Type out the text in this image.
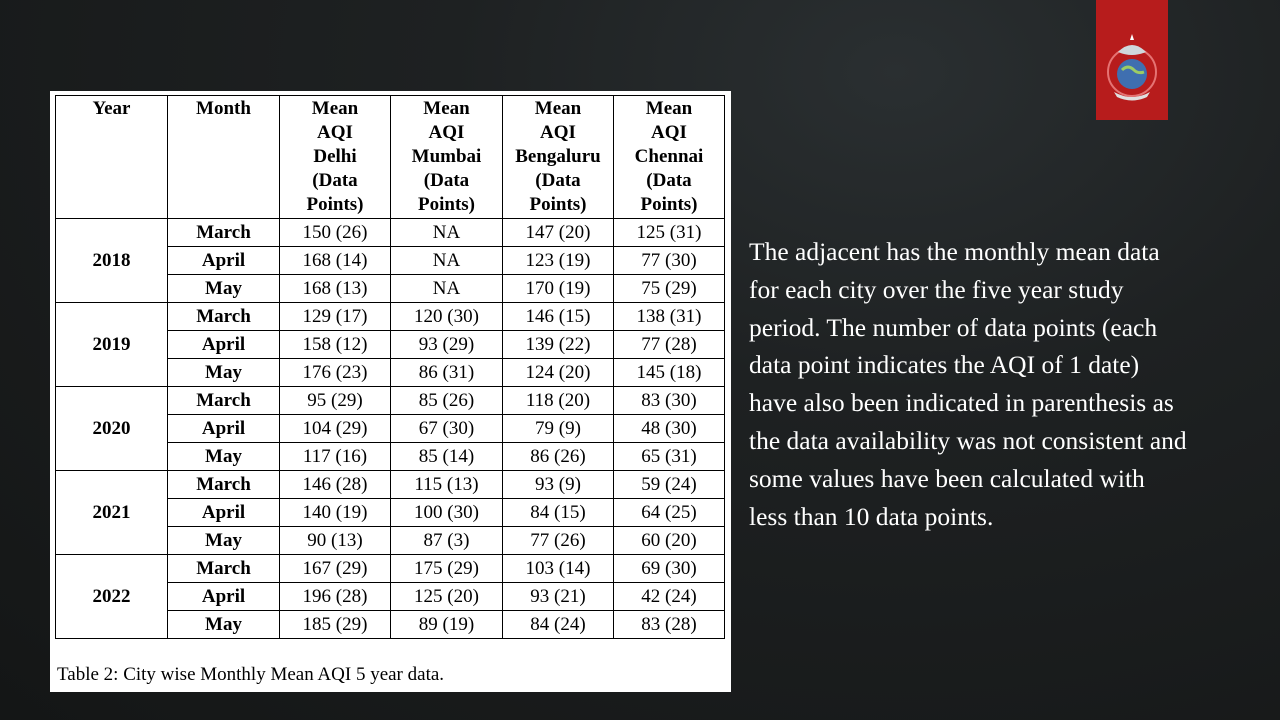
Year	Month	Mean
AQI
Delhi
(Data
Points)	Mean
AQI
Mumbai
(Data
Points)	Mean
AQI
Bengaluru
(Data
Points)	Mean
AQI
Chennai
(Data
Points)

2018	March	150 (26)	NA	147 (20)	125 (31)
	April	168 (14)	NA	123 (19)	77 (30)
	May	168 (13)	NA	170 (19)	75 (29)
2019	March	129 (17)	120 (30)	146 (15)	138 (31)
	April	158 (12)	93 (29)	139 (22)	77 (28)
	May	176 (23)	86 (31)	124 (20)	145 (18)
2020	March	95 (29)	85 (26)	118 (20)	83 (30)
	April	104 (29)	67 (30)	79 (9)	48 (30)
	May	117 (16)	85 (14)	86 (26)	65 (31)
2021	March	146 (28)	115 (13)	93 (9)	59 (24)
	April	140 (19)	100 (30)	84 (15)	64 (25)
	May	90 (13)	87 (3)	77 (26)	60 (20)
2022	March	167 (29)	175 (29)	103 (14)	69 (30)
	April	196 (28)	125 (20)	93 (21)	42 (24)
	May	185 (29)	89 (19)	84 (24)	83 (28)
Table 2: City wise Monthly Mean AQI 5 year data.
The adjacent has the monthly mean data for each city over the five year study period. The number of data points (each data point indicates the AQI of 1 date) have also been indicated in parenthesis as the data availability was not consistent and some values have been calculated with less than 10 data points.
